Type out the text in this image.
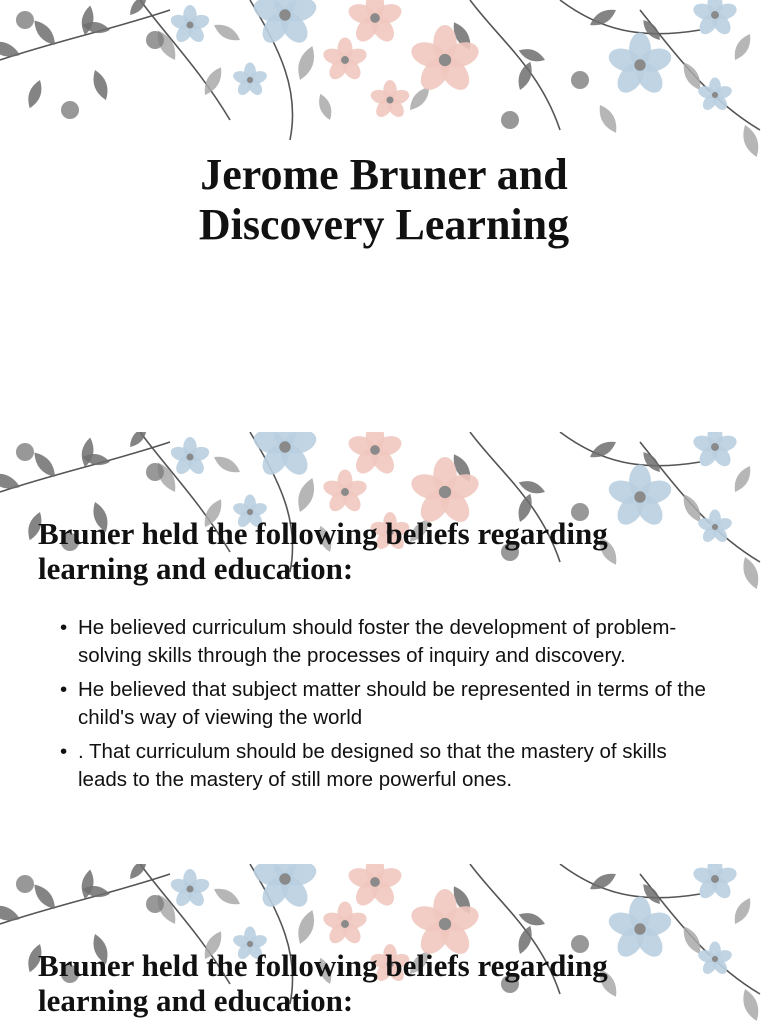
Jerome Bruner and
Discovery Learning
Bruner held the following beliefs regarding
learning and education:
• He believed curriculum should foster the development of problem-solving skills through the processes of inquiry and discovery.
• He believed that subject matter should be represented in terms of the child's way of viewing the world
• . That curriculum should be designed so that the mastery of skills leads to the mastery of still more powerful ones.
Bruner held the following beliefs regarding
learning and education:
